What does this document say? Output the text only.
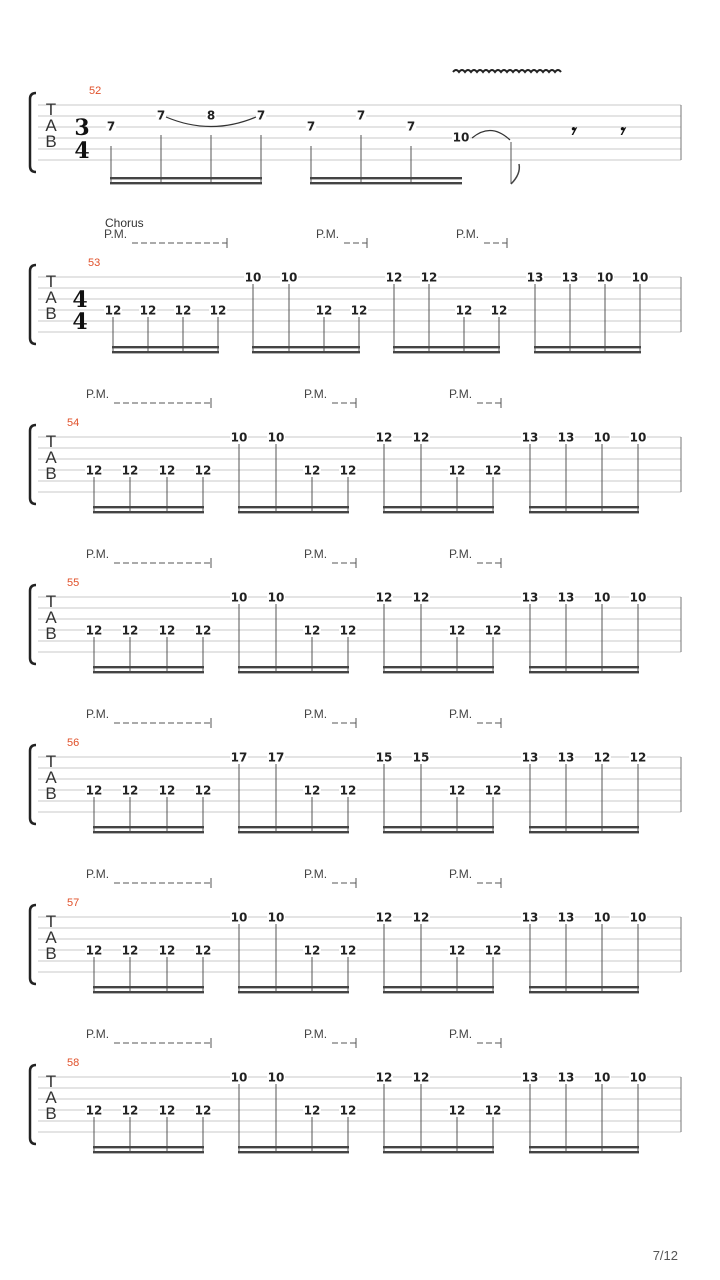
T
A
B
52
3
4
7
7	8	7
7
7
7
10	𝄾 𝄾
T
A
B
53
4
4 12 12 12 12
10 10
12 12
12 12
12 12
13 13 10 10
Chorus
P.M.	P.M.	P.M.
T
A
B
54
12 12 12 12
10 10
12 12
12 12
12 12
13 13 10 10
P.M.	P.M.	P.M.
T
A
B
55
12 12 12 12
10 10
12 12
12 12
12 12
13 13 10 10
P.M.	P.M.	P.M.
T
A
B
56
12 12 12 12
17 17
12 12
15 15
12 12
13 13 12 12
P.M.	P.M.	P.M.
T
A
B
57
12 12 12 12
10 10
12 12
12 12
12 12
13 13 10 10
P.M.	P.M.	P.M.
T
A
B
58
12 12 12 12
10 10
12 12
12 12
12 12
13 13 10 10
P.M.	P.M.	P.M.
7/12
